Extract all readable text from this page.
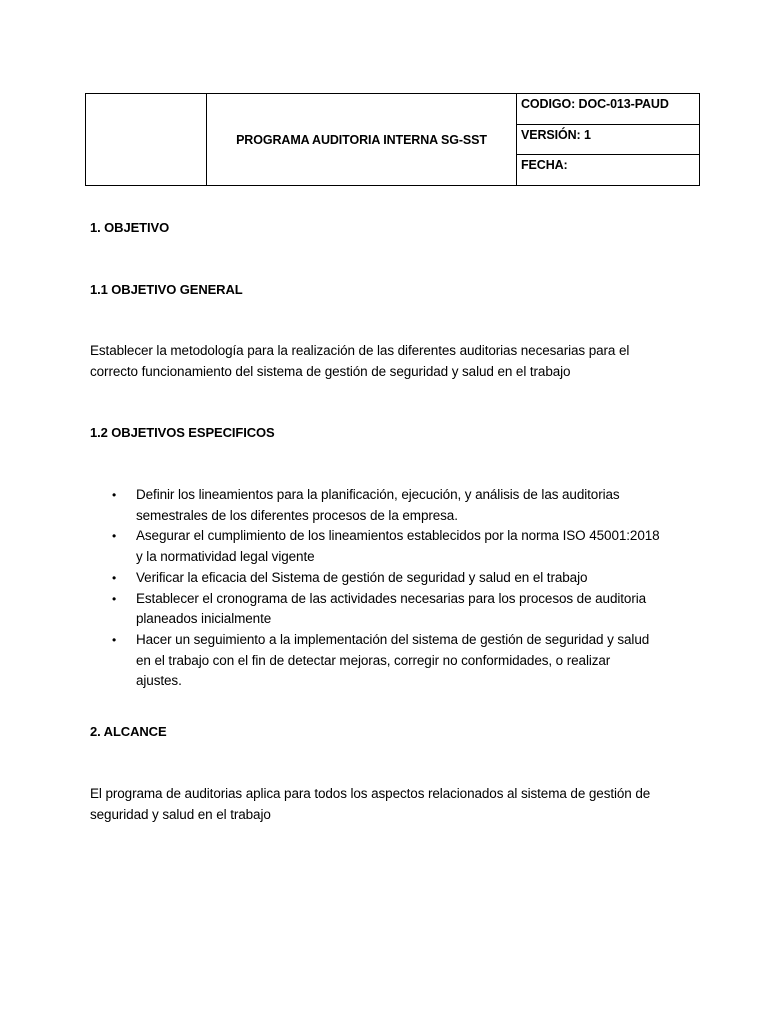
PROGRAMA AUDITORIA INTERNA SG-SST
CODIGO: DOC-013-PAUD
VERSIÓN: 1
FECHA:
1. OBJETIVO
1.1 OBJETIVO GENERAL
Establecer la metodología para la realización de las diferentes auditorias necesarias para el
correcto funcionamiento del sistema de gestión de seguridad y salud en el trabajo
1.2 OBJETIVOS ESPECIFICOS
• Definir los lineamientos para la planificación, ejecución, y análisis de las auditorias
semestrales de los diferentes procesos de la empresa.
• Asegurar el cumplimiento de los lineamientos establecidos por la norma ISO 45001:2018
y la normatividad legal vigente
• Verificar la eficacia del Sistema de gestión de seguridad y salud en el trabajo
• Establecer el cronograma de las actividades necesarias para los procesos de auditoria
planeados inicialmente
• Hacer un seguimiento a la implementación del sistema de gestión de seguridad y salud
en el trabajo con el fin de detectar mejoras, corregir no conformidades, o realizar
ajustes.
2. ALCANCE
El programa de auditorias aplica para todos los aspectos relacionados al sistema de gestión de
seguridad y salud en el trabajo
